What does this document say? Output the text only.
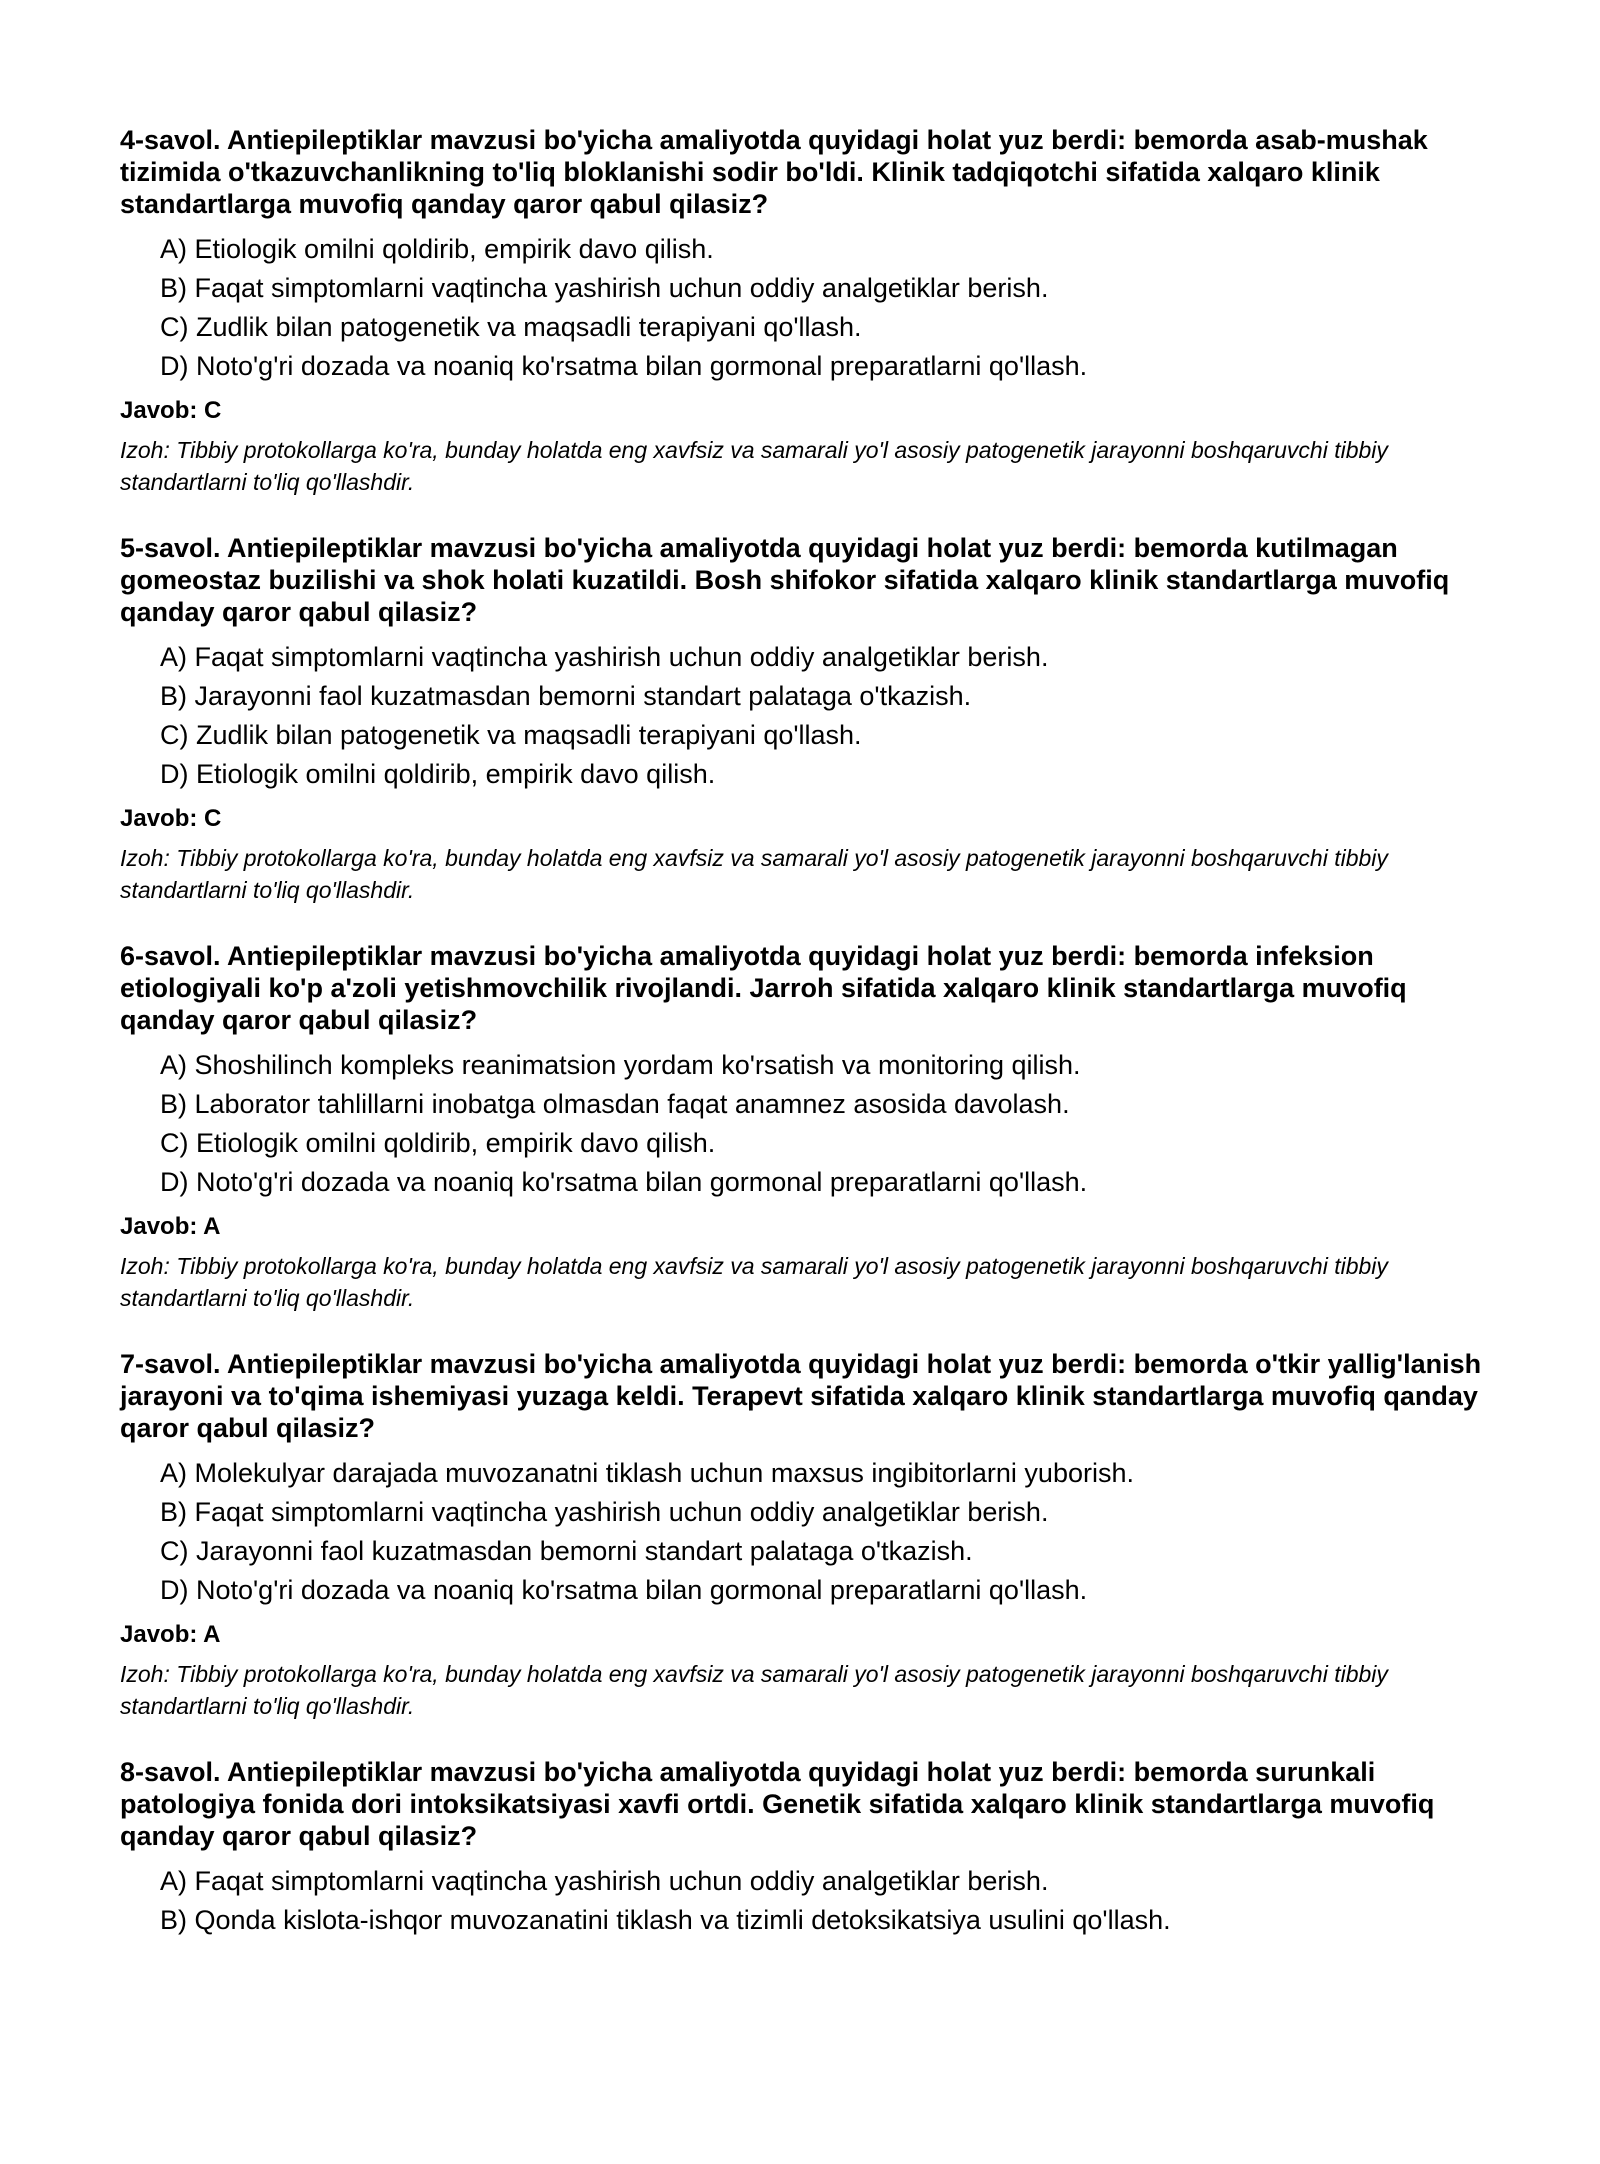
4-savol. Antiepileptiklar mavzusi bo'yicha amaliyotda quyidagi holat yuz berdi: bemorda asab-mushak tizimida o'tkazuvchanlikning to'liq bloklanishi sodir bo'ldi. Klinik tadqiqotchi sifatida xalqaro klinik standartlarga muvofiq qanday qaror qabul qilasiz?

A) Etiologik omilni qoldirib, empirik davo qilish.
B) Faqat simptomlarni vaqtincha yashirish uchun oddiy analgetiklar berish.
C) Zudlik bilan patogenetik va maqsadli terapiyani qo'llash.
D) Noto'g'ri dozada va noaniq ko'rsatma bilan gormonal preparatlarni qo'llash.
Javob: C
Izoh: Tibbiy protokollarga ko'ra, bunday holatda eng xavfsiz va samarali yo'l asosiy patogenetik jarayonni boshqaruvchi tibbiy standartlarni to'liq qo'llashdir.

5-savol. Antiepileptiklar mavzusi bo'yicha amaliyotda quyidagi holat yuz berdi: bemorda kutilmagan gomeostaz buzilishi va shok holati kuzatildi. Bosh shifokor sifatida xalqaro klinik standartlarga muvofiq qanday qaror qabul qilasiz?

A) Faqat simptomlarni vaqtincha yashirish uchun oddiy analgetiklar berish.
B) Jarayonni faol kuzatmasdan bemorni standart palataga o'tkazish.
C) Zudlik bilan patogenetik va maqsadli terapiyani qo'llash.
D) Etiologik omilni qoldirib, empirik davo qilish.
Javob: C
Izoh: Tibbiy protokollarga ko'ra, bunday holatda eng xavfsiz va samarali yo'l asosiy patogenetik jarayonni boshqaruvchi tibbiy standartlarni to'liq qo'llashdir.

6-savol. Antiepileptiklar mavzusi bo'yicha amaliyotda quyidagi holat yuz berdi: bemorda infeksion etiologiyali ko'p a'zoli yetishmovchilik rivojlandi. Jarroh sifatida xalqaro klinik standartlarga muvofiq qanday qaror qabul qilasiz?

A) Shoshilinch kompleks reanimatsion yordam ko'rsatish va monitoring qilish.
B) Laborator tahlillarni inobatga olmasdan faqat anamnez asosida davolash.
C) Etiologik omilni qoldirib, empirik davo qilish.
D) Noto'g'ri dozada va noaniq ko'rsatma bilan gormonal preparatlarni qo'llash.
Javob: A
Izoh: Tibbiy protokollarga ko'ra, bunday holatda eng xavfsiz va samarali yo'l asosiy patogenetik jarayonni boshqaruvchi tibbiy standartlarni to'liq qo'llashdir.

7-savol. Antiepileptiklar mavzusi bo'yicha amaliyotda quyidagi holat yuz berdi: bemorda o'tkir yallig'lanish jarayoni va to'qima ishemiyasi yuzaga keldi. Terapevt sifatida xalqaro klinik standartlarga muvofiq qanday qaror qabul qilasiz?

A) Molekulyar darajada muvozanatni tiklash uchun maxsus ingibitorlarni yuborish.
B) Faqat simptomlarni vaqtincha yashirish uchun oddiy analgetiklar berish.
C) Jarayonni faol kuzatmasdan bemorni standart palataga o'tkazish.
D) Noto'g'ri dozada va noaniq ko'rsatma bilan gormonal preparatlarni qo'llash.
Javob: A
Izoh: Tibbiy protokollarga ko'ra, bunday holatda eng xavfsiz va samarali yo'l asosiy patogenetik jarayonni boshqaruvchi tibbiy standartlarni to'liq qo'llashdir.

8-savol. Antiepileptiklar mavzusi bo'yicha amaliyotda quyidagi holat yuz berdi: bemorda surunkali patologiya fonida dori intoksikatsiyasi xavfi ortdi. Genetik sifatida xalqaro klinik standartlarga muvofiq qanday qaror qabul qilasiz?

A) Faqat simptomlarni vaqtincha yashirish uchun oddiy analgetiklar berish.
B) Qonda kislota-ishqor muvozanatini tiklash va tizimli detoksikatsiya usulini qo'llash.
